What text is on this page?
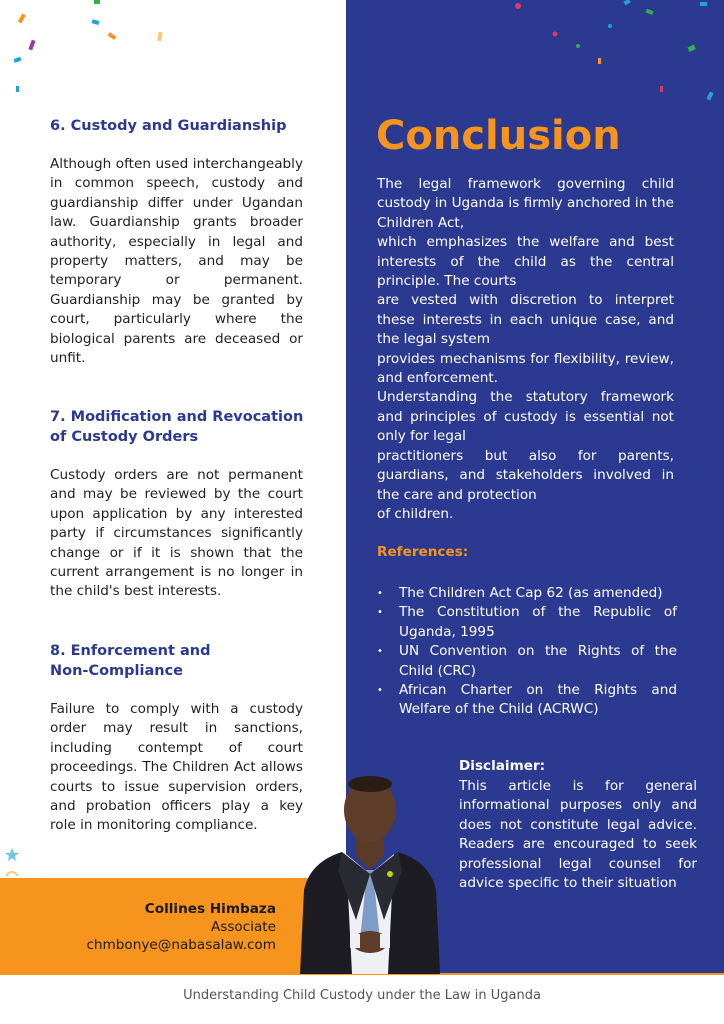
6. Custody and Guardianship

Although often used interchangeably in common speech, custody and guardianship differ under Ugandan law. Guardianship grants broader authority, especially in legal and property matters, and may be temporary or permanent. Guardianship may be granted by court, particularly where the biological parents are deceased or unfit.

7. Modification and Revocation of Custody Orders

Custody orders are not permanent and may be reviewed by the court upon application by any interested party if circumstances significantly change or if it is shown that the current arrangement is no longer in the child's best interests.

8. Enforcement and Non-Compliance

Failure to comply with a custody order may result in sanctions, including contempt of court proceedings. The Children Act allows courts to issue supervision orders, and probation officers play a key role in monitoring compliance.

Conclusion

The legal framework governing child custody in Uganda is firmly anchored in the Children Act,

which emphasizes the welfare and best interests of the child as the central principle. The courts

are vested with discretion to interpret these interests in each unique case, and the legal system

provides mechanisms for flexibility, review, and enforcement.

Understanding the statutory framework and principles of custody is essential not only for legal

practitioners but also for parents, guardians, and stakeholders involved in the care and protection

of children.

References:
• The Children Act Cap 62 (as amended)
• The Constitution of the Republic of Uganda, 1995
• UN Convention on the Rights of the Child (CRC)
• African Charter on the Rights and Welfare of the Child (ACRWC)
Disclaimer:

This article is for general informational purposes only and does not constitute legal advice. Readers are encouraged to seek professional legal counsel for advice specific to their situation

Collines Himbaza
Associate
chmbonye@nabasalaw.com
Understanding Child Custody under the Law in Uganda
